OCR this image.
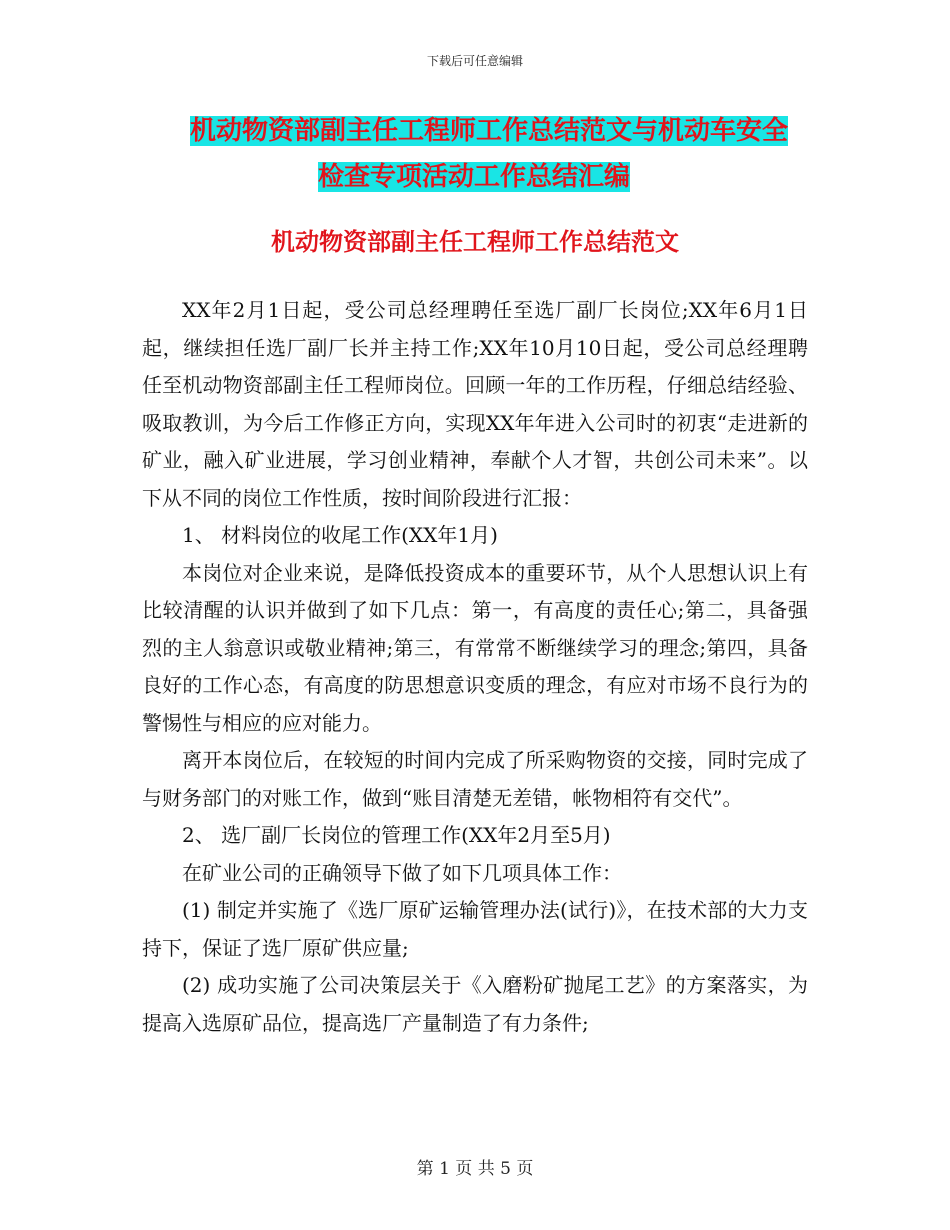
下载后可任意编辑
机动物资部副主任工程师工作总结范文与机动车安全
检查专项活动工作总结汇编
机动物资部副主任工程师工作总结范文

XX年2月1日起，受公司总经理聘任至选厂副厂长岗位;XX年6月1日起，继续担任选厂副厂长并主持工作;XX年10月10日起，受公司总经理聘任至机动物资部副主任工程师岗位。回顾一年的工作历程，仔细总结经验、吸取教训，为今后工作修正方向，实现XX年年进入公司时的初衷“走进新的矿业，融入矿业进展，学习创业精神，奉献个人才智，共创公司未来”。以下从不同的岗位工作性质，按时间阶段进行汇报：

1、 材料岗位的收尾工作(XX年1月)

本岗位对企业来说，是降低投资成本的重要环节，从个人思想认识上有比较清醒的认识并做到了如下几点：第一，有高度的责任心;第二，具备强烈的主人翁意识或敬业精神;第三，有常常不断继续学习的理念;第四，具备良好的工作心态，有高度的防思想意识变质的理念，有应对市场不良行为的警惕性与相应的应对能力。

离开本岗位后，在较短的时间内完成了所采购物资的交接，同时完成了与财务部门的对账工作，做到“账目清楚无差错，帐物相符有交代”。

2、 选厂副厂长岗位的管理工作(XX年2月至5月)

在矿业公司的正确领导下做了如下几项具体工作：

(1) 制定并实施了《选厂原矿运输管理办法(试行)》，在技术部的大力支持下，保证了选厂原矿供应量;

(2) 成功实施了公司决策层关于《入磨粉矿抛尾工艺》的方案落实，为提高入选原矿品位，提高选厂产量制造了有力条件;

第 1 页 共 5 页
